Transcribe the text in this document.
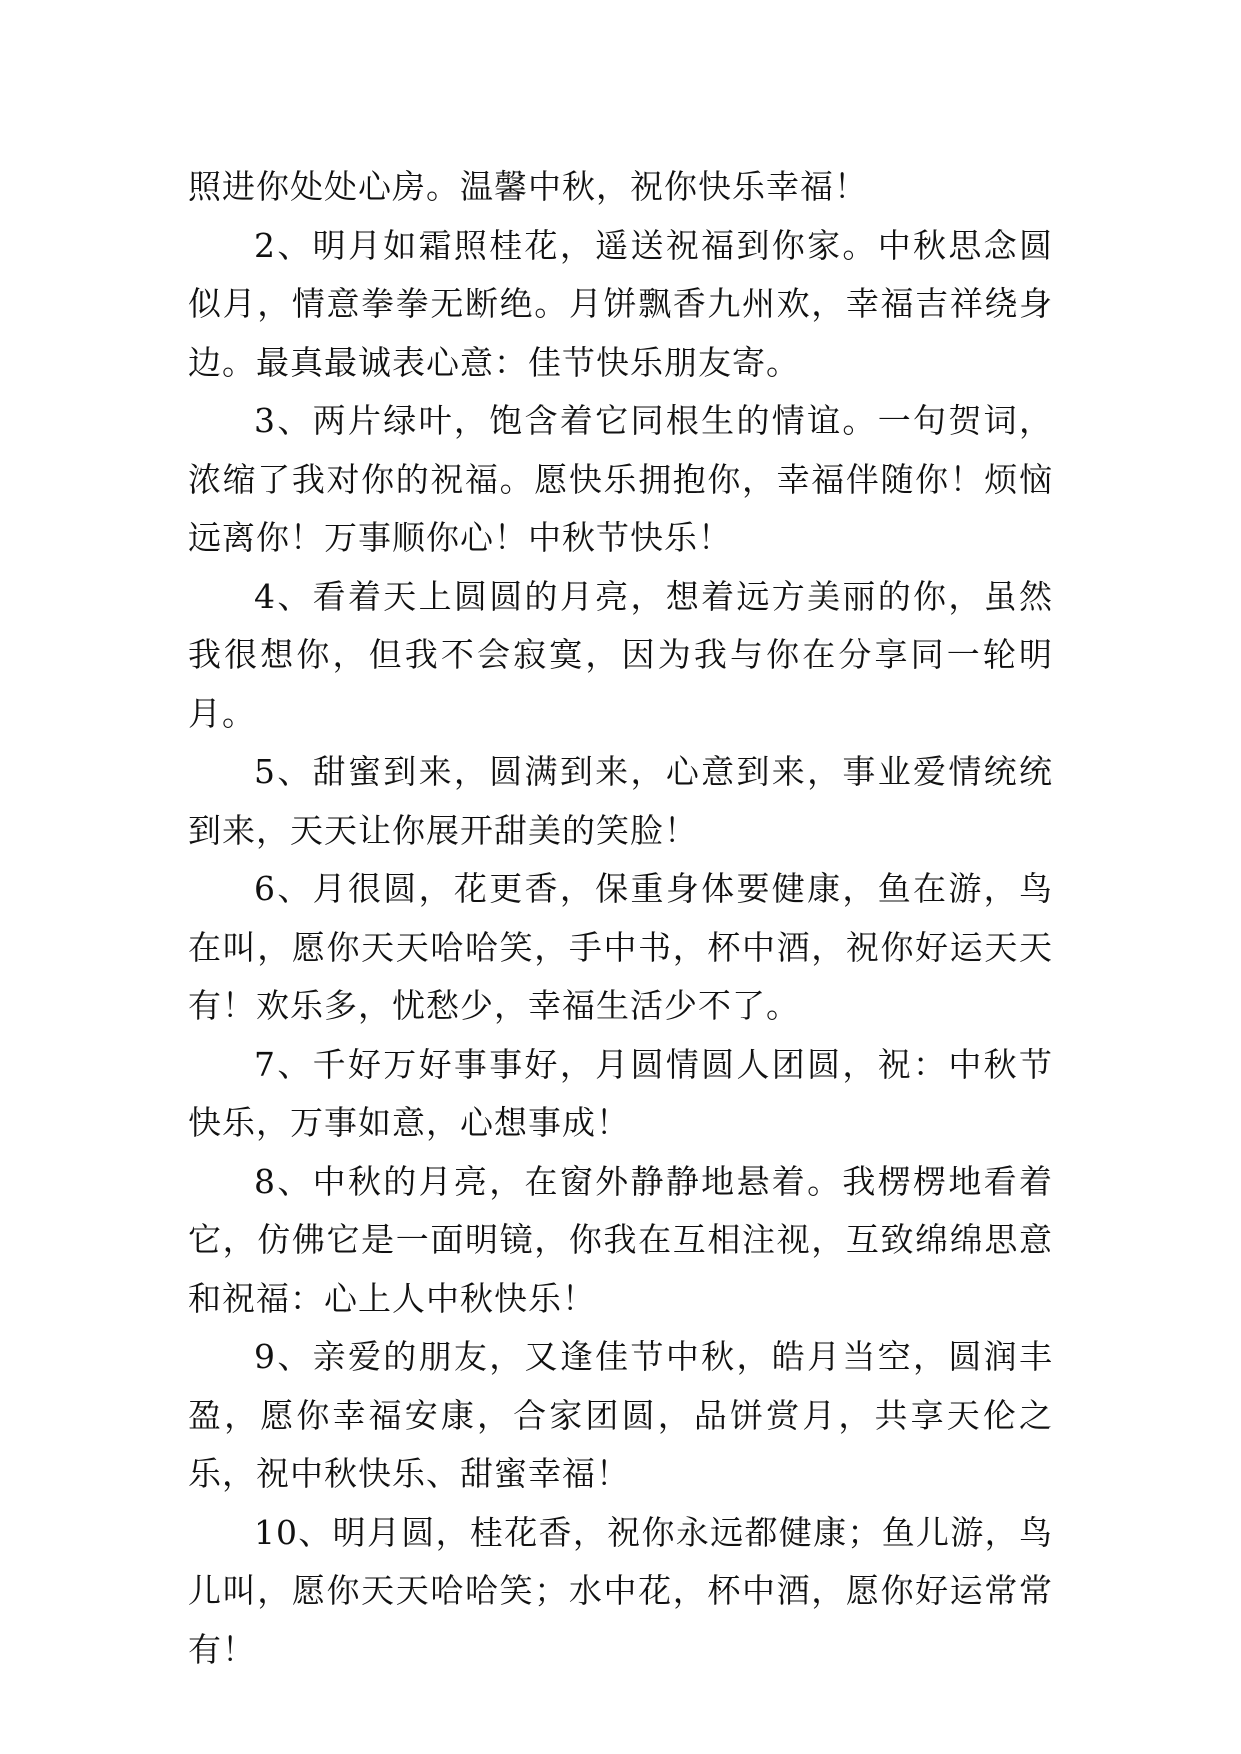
照进你处处心房。温馨中秋，祝你快乐幸福！

2、明月如霜照桂花，遥送祝福到你家。中秋思念圆似月，情意拳拳无断绝。月饼飘香九州欢，幸福吉祥绕身边。最真最诚表心意：佳节快乐朋友寄。

3、两片绿叶，饱含着它同根生的情谊。一句贺词，浓缩了我对你的祝福。愿快乐拥抱你，幸福伴随你！烦恼远离你！万事顺你心！中秋节快乐！

4、看着天上圆圆的月亮，想着远方美丽的你，虽然我很想你，但我不会寂寞，因为我与你在分享同一轮明月。

5、甜蜜到来，圆满到来，心意到来，事业爱情统统到来，天天让你展开甜美的笑脸！

6、月很圆，花更香，保重身体要健康，鱼在游，鸟在叫，愿你天天哈哈笑，手中书，杯中酒，祝你好运天天有！欢乐多，忧愁少，幸福生活少不了。

7、千好万好事事好，月圆情圆人团圆，祝：中秋节快乐，万事如意，心想事成！

8、中秋的月亮，在窗外静静地悬着。我楞楞地看着它，仿佛它是一面明镜，你我在互相注视，互致绵绵思意和祝福：心上人中秋快乐！

9、亲爱的朋友，又逢佳节中秋，皓月当空，圆润丰盈，愿你幸福安康，合家团圆，品饼赏月，共享天伦之乐，祝中秋快乐、甜蜜幸福！

10、明月圆，桂花香，祝你永远都健康；鱼儿游，鸟儿叫，愿你天天哈哈笑；水中花，杯中酒，愿你好运常常有！
